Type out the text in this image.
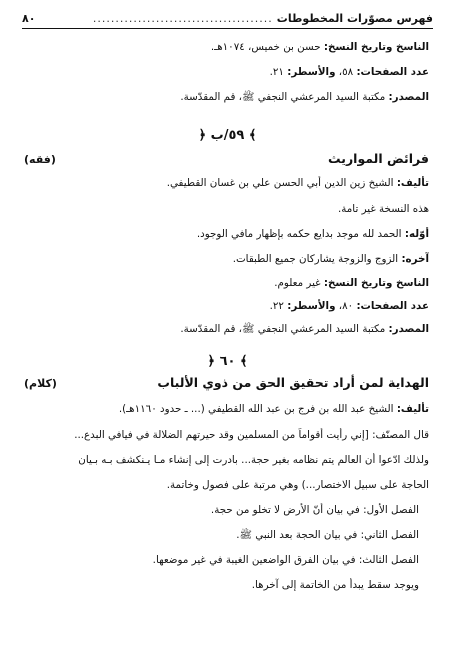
فهرس مصوّرات المخطوطات
........................................
٨٠
الناسخ وتاريخ النسخ: حسن بن خميس، ١٠٧٤هـ.
عدد الصفحات: ٥٨، والأسطر: ٢١.
المصدر: مكتبة السيد المرعشي النجفي ﷺ، قم المقدّسة.
﴿ ٥٩/ب ﴾
فرائض المواريث
(فقه)
تأليف: الشيخ زين الدين أبي الحسن علي بن غسان القطيفي.
هذه النسخة غير تامة.
أوّله: الحمد لله موجد بدايع حكمه بإظهار مافي الوجود.
آخره: الزوج والزوجة يشاركان جميع الطبقات.
الناسخ وتاريخ النسخ: غير معلوم.
عدد الصفحات: ٨٠، والأسطر: ٢٢.
المصدر: مكتبة السيد المرعشي النجفي ﷺ، قم المقدّسة.
﴿ ٦٠ ﴾
الهداية لمن أراد تحقيق الحق من ذوي الألباب
(كلام)
تأليف: الشيخ عبد الله بن فرج بن عبد الله القطيفي (... ـ حدود ١١٦٠هـ).
قال المصنّف: [إني رأيت أقواماً من المسلمين وقد حيرتهم الضلالة في فيافي البدع...
ولذلك ادّعوا أن العالم يتم نظامه بغير حجة... بادرت إلى إنشاء مـا يـنكشف بـه بـيان
الحاجة على سبيل الاختصار...) وهي مرتبة على فصول وخاتمة.
الفصل الأول: في بيان أنّ الأرض لا تخلو من حجة.
الفصل الثاني: في بيان الحجة بعد النبي ﷺ.
الفصل الثالث: في بيان الفرق الواضعين الغيبة في غير موضعها.
ويوجد سقط يبدأ من الخاتمة إلى آخرها.
